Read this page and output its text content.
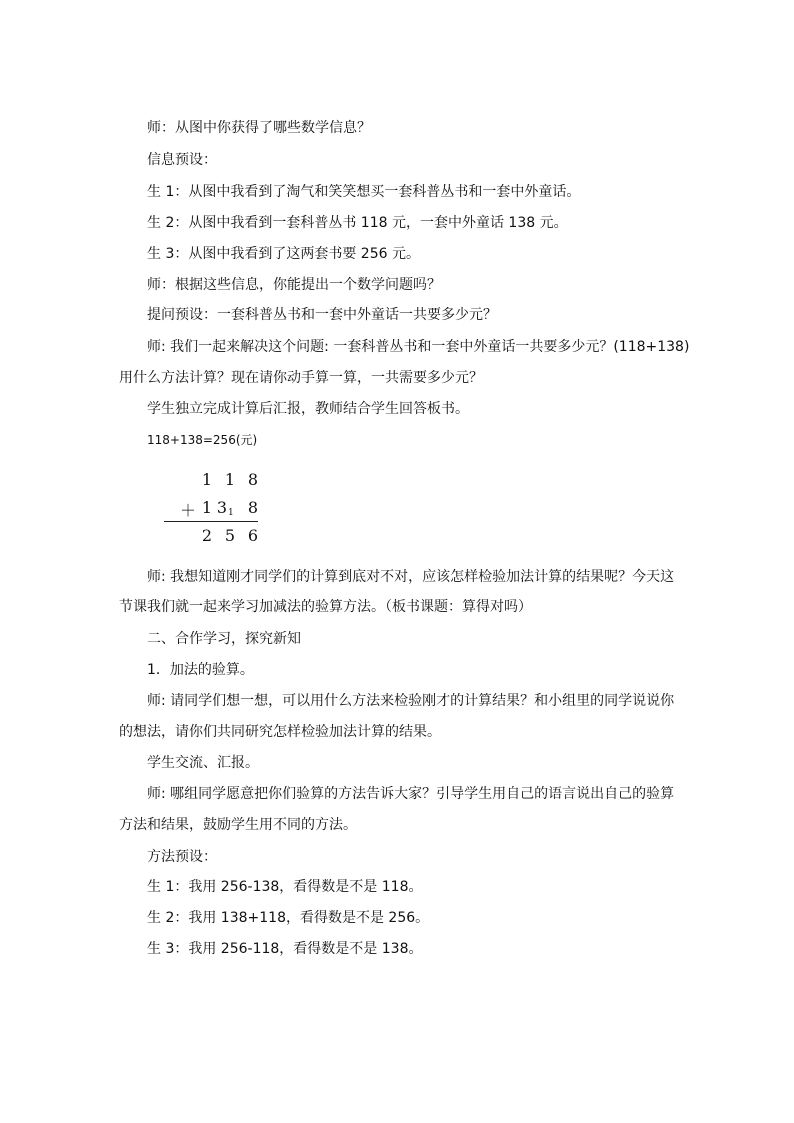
师：从图中你获得了哪些数学信息？
信息预设：
生 1：从图中我看到了淘气和笑笑想买一套科普丛书和一套中外童话。
生 2：从图中我看到一套科普丛书 118 元，一套中外童话 138 元。
生 3：从图中我看到了这两套书要 256 元。
师：根据这些信息，你能提出一个数学问题吗？
提问预设：一套科普丛书和一套中外童话一共要多少元？
师: 我们一起来解决这个问题: 一套科普丛书和一套中外童话一共要多少元？(118+138)
用什么方法计算？现在请你动手算一算，一共需要多少元？
学生独立完成计算后汇报，教师结合学生回答板书。
118+138=256(元)
1 1 8
＋ 1 3 1 8
2 5 6
师: 我想知道刚才同学们的计算到底对不对，应该怎样检验加法计算的结果呢？今天这
节课我们就一起来学习加减法的验算方法。（板书课题：算得对吗）
二、合作学习，探究新知
1．加法的验算。
师: 请同学们想一想，可以用什么方法来检验刚才的计算结果？和小组里的同学说说你
的想法，请你们共同研究怎样检验加法计算的结果。
学生交流、汇报。
师: 哪组同学愿意把你们验算的方法告诉大家？引导学生用自己的语言说出自己的验算
方法和结果，鼓励学生用不同的方法。
方法预设：
生 1：我用 256-138，看得数是不是 118。
生 2：我用 138+118，看得数是不是 256。
生 3：我用 256-118，看得数是不是 138。
